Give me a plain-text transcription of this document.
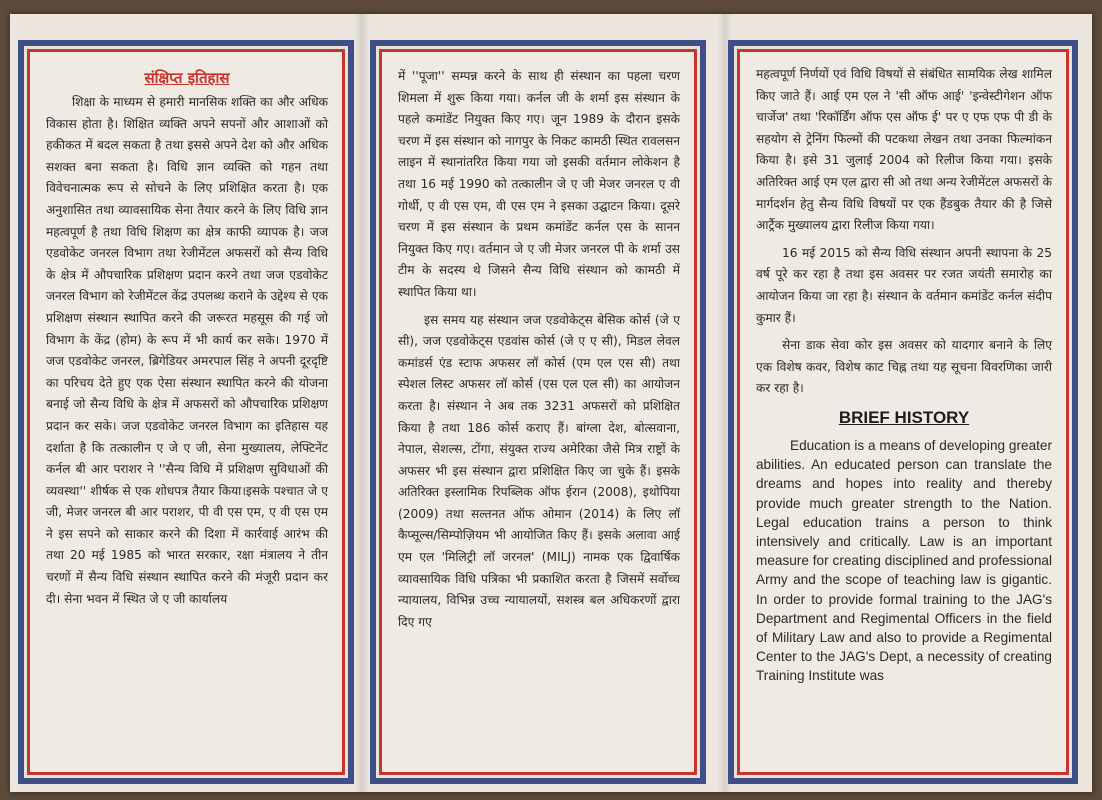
संक्षिप्त इतिहास

शिक्षा के माध्यम से हमारी मानसिक शक्ति का और अधिक विकास होता है। शिक्षित व्यक्ति अपने सपनों और आशाओं को हकीकत में बदल सकता है तथा इससे अपने देश को और अधिक सशक्त बना सकता है। विधि ज्ञान व्यक्ति को गहन तथा विवेचनात्मक रूप से सोचने के लिए प्रशिक्षित करता है। एक अनुशासित तथा व्यावसायिक सेना तैयार करने के लिए विधि ज्ञान महत्वपूर्ण है तथा विधि शिक्षण का क्षेत्र काफी व्यापक है। जज एडवोकेट जनरल विभाग तथा रेजीमेंटल अफसरों को सैन्य विधि के क्षेत्र में औपचारिक प्रशिक्षण प्रदान करने तथा जज एडवोकेट जनरल विभाग को रेजीमेंटल केंद्र उपलब्ध कराने के उद्देश्य से एक प्रशिक्षण संस्थान स्थापित करने की जरूरत महसूस की गई जो विभाग के केंद्र (होम) के रूप में भी कार्य कर सके। 1970 में जज एडवोकेट जनरल, ब्रिगेडियर अमरपाल सिंह ने अपनी दूरदृष्टि का परिचय देते हुए एक ऐसा संस्थान स्थापित करने की योजना बनाई जो सैन्य विधि के क्षेत्र में अफसरों को औपचारिक प्रशिक्षण प्रदान कर सके। जज एडवोकेट जनरल विभाग का इतिहास यह दर्शाता है कि तत्कालीन ए जे ए जी, सेना मुख्यालय, लेफ्टिनेंट कर्नल बी आर पराशर ने ''सैन्य विधि में प्रशिक्षण सुविधाओं की व्यवस्था'' शीर्षक से एक शोधपत्र तैयार किया।इसके पश्चात जे ए जी, मेजर जनरल बी आर पराशर, पी वी एस एम, ए वी एस एम ने इस सपने को साकार करने की दिशा में कार्रवाई आरंभ की तथा 20 मई 1985 को भारत सरकार, रक्षा मंत्रालय ने तीन चरणों में सैन्य विधि संस्थान स्थापित करने की मंजूरी प्रदान कर दी। सेना भवन में स्थित जे ए जी कार्यालय

में ''पूजा'' सम्पन्न करने के साथ ही संस्थान का पहला चरण शिमला में शुरू किया गया। कर्नल जी के शर्मा इस संस्थान के पहले कमांडेंट नियुक्त किए गए। जून 1989 के दौरान इसके चरण में इस संस्थान को नागपुर के निकट कामठी स्थित रावलसन लाइन में स्थानांतरित किया गया जो इसकी वर्तमान लोकेशन है तथा 16 मई 1990 को तत्कालीन जे ए जी मेजर जनरल ए वी गोर्थी, ए वी एस एम, वी एस एम ने इसका उद्घाटन किया। दूसरे चरण में इस संस्थान के प्रथम कमांडेंट कर्नल एस के सानन नियुक्त किए गए। वर्तमान जे ए जी मेजर जनरल पी के शर्मा उस टीम के सदस्य थे जिसने सैन्य विधि संस्थान को कामठी में स्थापित किया था।

इस समय यह संस्थान जज एडवोकेट्स बेसिक कोर्स (जे ए सी), जज एडवोकेट्स एडवांस कोर्स (जे ए ए सी), मिडल लेवल कमांडर्स एंड स्टाफ अफसर लॉ कोर्स (एम एल एस सी) तथा स्पेशल लिस्ट अफसर लॉ कोर्स (एस एल एल सी) का आयोजन करता है। संस्थान ने अब तक 3231 अफसरों को प्रशिक्षित किया है तथा 186 कोर्स कराए हैं। बांग्ला देश, बोत्सवाना, नेपाल, सेशल्स, टोंगा, संयुक्त राज्य अमेरिका जैसे मित्र राष्ट्रों के अफसर भी इस संस्थान द्वारा प्रशिक्षित किए जा चुके हैं। इसके अतिरिक्त इस्लामिक रिपब्लिक ऑफ ईरान (2008), इथोपिया (2009) तथा सल्तनत ऑफ ओमान (2014) के लिए लॉ कैप्सूल्स/सिम्पोज़ियम भी आयोजित किए हैं। इसके अलावा आई एम एल 'मिलिट्री लॉ जरनल' (MILJ) नामक एक द्विवार्षिक व्यावसायिक विधि पत्रिका भी प्रकाशित करता है जिसमें सर्वोच्च न्यायालय, विभिन्न उच्च न्यायालयों, सशस्त्र बल अधिकरणों द्वारा दिए गए

महत्वपूर्ण निर्णयों एवं विधि विषयों से संबंधित सामयिक लेख शामिल किए जाते हैं। आई एम एल ने 'सी ऑफ आई' 'इन्वेस्टीगेशन ऑफ चार्जेज' तथा 'रिकॉर्डिंग ऑफ एस ऑफ ई' पर ए एफ एफ पी डी के सहयोग से ट्रेनिंग फिल्मों की पटकथा लेखन तथा उनका फिल्मांकन किया है। इसे 31 जुलाई 2004 को रिलीज किया गया। इसके अतिरिक्त आई एम एल द्वारा सी ओ तथा अन्य रेजीमेंटल अफसरों के मार्गदर्शन हेतु सैन्य विधि विषयों पर एक हैंडबुक तैयार की है जिसे आर्ट्रैक मुख्यालय द्वारा रिलीज किया गया।

16 मई 2015 को सैन्य विधि संस्थान अपनी स्थापना के 25 वर्ष पूरे कर रहा है तथा इस अवसर पर रजत जयंती समारोह का आयोजन किया जा रहा है। संस्थान के वर्तमान कमांडेंट कर्नल संदीप कुमार हैं।

सेना डाक सेवा कोर इस अवसर को यादगार बनाने के लिए एक विशेष कवर, विशेष काट चिह्न तथा यह सूचना विवरणिका जारी कर रहा है।

BRIEF HISTORY

Education is a means of developing greater abilities. An educated person can translate the dreams and hopes into reality and thereby provide much greater strength to the Nation. Legal education trains a person to think intensively and critically. Law is an important measure for creating disciplined and professional Army and the scope of teaching law is gigantic. In order to provide formal training to the JAG's Department and Regimental Officers in the field of Military Law and also to provide a Regimental Center to the JAG's Dept, a necessity of creating Training Institute was
